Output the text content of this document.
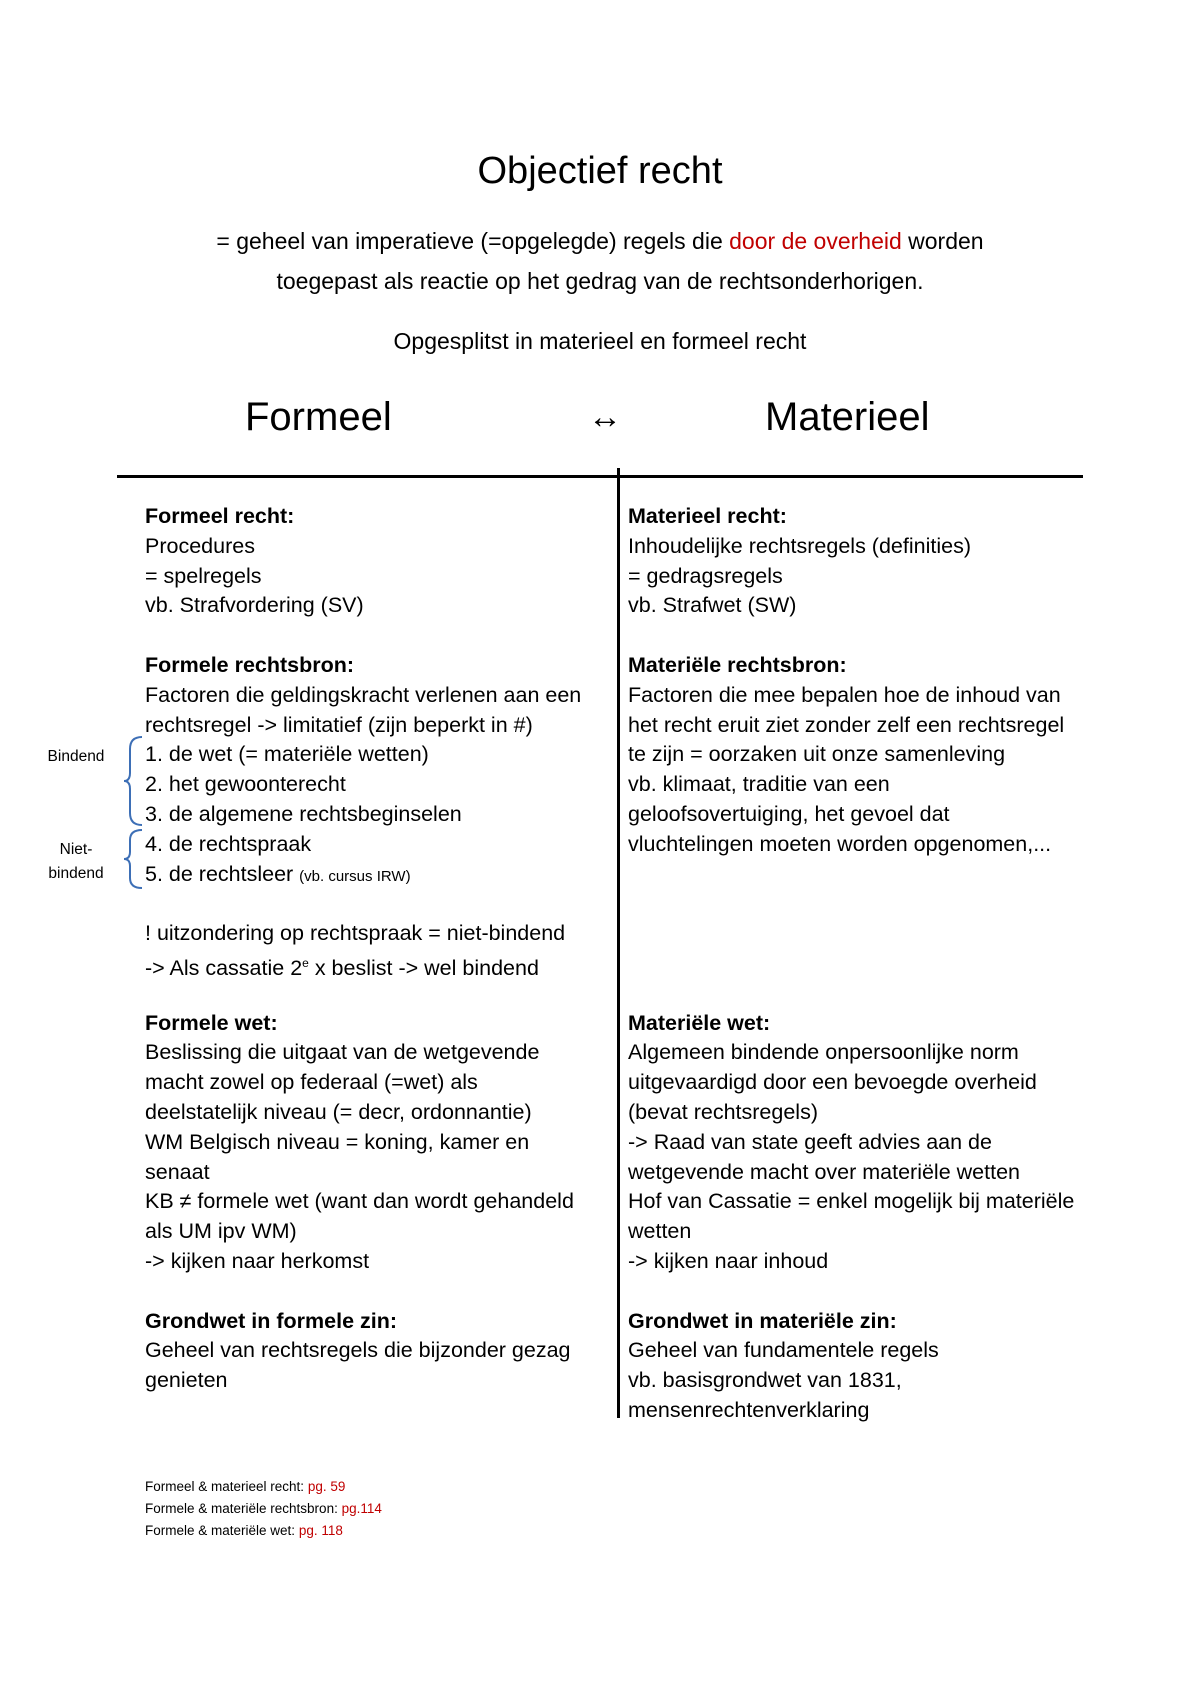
Objectief recht
= geheel van imperatieve (=opgelegde) regels die door de overheid worden
toegepast als reactie op het gedrag van de rechtsonderhorigen.
Opgesplitst in materieel en formeel recht
Formeel	↔	Materieel
Formeel recht:
Procedures
= spelregels
vb. Strafvordering (SV)
Formele rechtsbron:
Factoren die geldingskracht verlenen aan een
rechtsregel -> limitatief (zijn beperkt in #)
1. de wet (= materiële wetten)
2. het gewoonterecht
3. de algemene rechtsbeginselen
4. de rechtspraak
5. de rechtsleer (vb. cursus IRW)
! uitzondering op rechtspraak = niet-bindend
-> Als cassatie 2e x beslist -> wel bindend
Formele wet:
Beslissing die uitgaat van de wetgevende
macht zowel op federaal (=wet) als
deelstatelijk niveau (= decr, ordonnantie)
WM Belgisch niveau = koning, kamer en
senaat
KB ≠ formele wet (want dan wordt gehandeld
als UM ipv WM)
-> kijken naar herkomst
Grondwet in formele zin:
Geheel van rechtsregels die bijzonder gezag
genieten
Materieel recht:
Inhoudelijke rechtsregels (definities)
= gedragsregels
vb. Strafwet (SW)
Materiële rechtsbron:
Factoren die mee bepalen hoe de inhoud van
het recht eruit ziet zonder zelf een rechtsregel
te zijn = oorzaken uit onze samenleving
vb. klimaat, traditie van een
geloofsovertuiging, het gevoel dat
vluchtelingen moeten worden opgenomen,...
Materiële wet:
Algemeen bindende onpersoonlijke norm
uitgevaardigd door een bevoegde overheid
(bevat rechtsregels)
-> Raad van state geeft advies aan de
wetgevende macht over materiële wetten
Hof van Cassatie = enkel mogelijk bij materiële
wetten
-> kijken naar inhoud
Grondwet in materiële zin:
Geheel van fundamentele regels
vb. basisgrondwet van 1831,
mensenrechtenverklaring
Bindend
Niet-
bindend
Formeel & materieel recht: pg. 59
Formele & materiële rechtsbron: pg.114
Formele & materiële wet: pg. 118
